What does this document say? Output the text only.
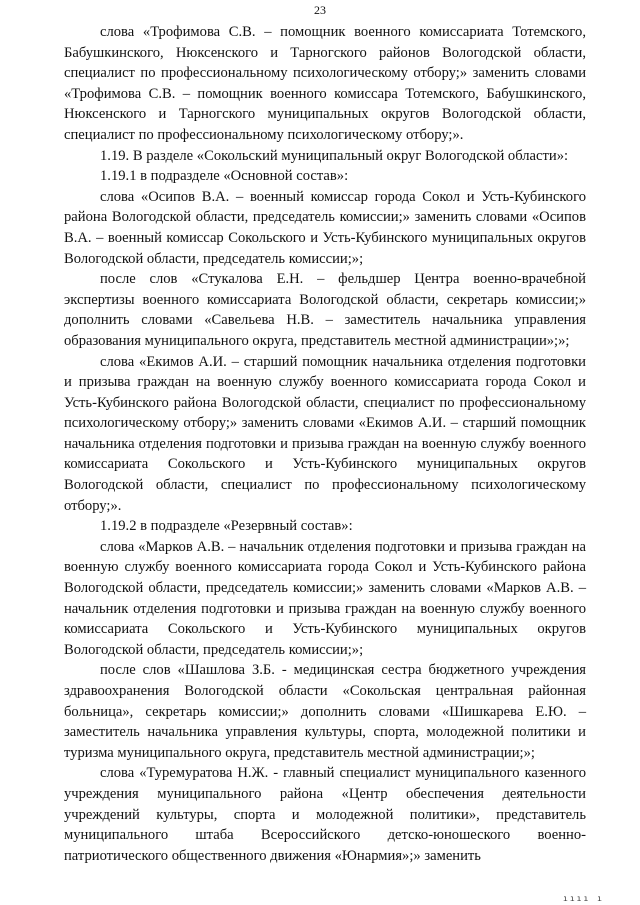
23

слова «Трофимова С.В. – помощник военного комиссариата Тотемского, Бабушкинского, Нюксенского и Тарногского районов Вологодской области, специалист по профессиональному психологическому отбору;» заменить словами «Трофимова С.В. – помощник военного комиссара Тотемского, Бабушкинского, Нюксенского и Тарногского муниципальных округов Вологодской области, специалист по профессиональному психологическому отбору;».

1.19. В разделе «Сокольский муниципальный округ Вологодской области»:

1.19.1 в подразделе «Основной состав»:

слова «Осипов В.А. – военный комиссар города Сокол и Усть-Кубинского района Вологодской области, председатель комиссии;» заменить словами «Осипов В.А. – военный комиссар Сокольского и Усть-Кубинского муниципальных округов Вологодской области, председатель комиссии;»;

после слов «Стукалова Е.Н. – фельдшер Центра военно-врачебной экспертизы военного комиссариата Вологодской области, секретарь комиссии;» дополнить словами «Савельева Н.В. – заместитель начальника управления образования муниципального округа, представитель местной администрации»;»;

слова «Екимов А.И. – старший помощник начальника отделения подготовки и призыва граждан на военную службу военного комиссариата города Сокол и Усть-Кубинского района Вологодской области, специалист по профессиональному психологическому отбору;» заменить словами «Екимов А.И. – старший помощник начальника отделения подготовки и призыва граждан на военную службу военного комиссариата Сокольского и Усть-Кубинского муниципальных округов Вологодской области, специалист по профессиональному психологическому отбору;».

1.19.2 в подразделе «Резервный состав»:

слова «Марков А.В. – начальник отделения подготовки и призыва граждан на военную службу военного комиссариата города Сокол и Усть-Кубинского района Вологодской области, председатель комиссии;» заменить словами «Марков А.В. – начальник отделения подготовки и призыва граждан на военную службу военного комиссариата Сокольского и Усть-Кубинского муниципальных округов Вологодской области, председатель комиссии;»;

после слов «Шашлова З.Б. - медицинская сестра бюджетного учреждения здравоохранения Вологодской области «Сокольская центральная районная больница», секретарь комиссии;» дополнить словами «Шишкарева Е.Ю. – заместитель начальника управления культуры, спорта, молодежной политики и туризма муниципального округа, представитель местной администрации;»;

слова «Туремуратова Н.Ж. - главный специалист муниципального казенного учреждения муниципального района «Центр обеспечения деятельности учреждений культуры, спорта и молодежной политики», представитель муниципального штаба Всероссийского детско-юношеского военно-патриотического общественного движения «Юнармия»;» заменить

ıııı ı
